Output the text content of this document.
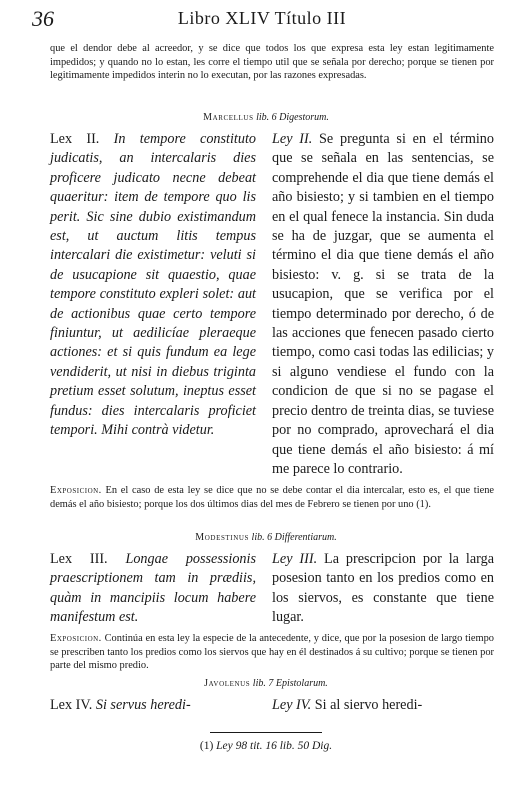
36	Libro XLIV Título III
que el dendor debe al acreedor, y se dice que todos los que expresa esta ley estan legitimamente impedidos; y quando no lo estan, les corre el tiempo util que se señala por derecho; porque se tienen por legitimamente impedidos interin no lo executan, por las razones expresadas.
Marcellus lib. 6 Digestorum.
Lex II. In tempore constituto judicatis, an intercalaris dies proficere judicato necne debeat quaeritur: item de tempore quo lis perit. Sic sine dubio existimandum est, ut auctum litis tempus intercalari die existimetur: veluti si de usucapione sit quaestio, quae tempore constituto expleri solet: aut de actionibus quae certo tempore finiuntur, ut aedilicíae pleraeque actiones: et si quis fundum ea lege vendiderit, ut nisi in diebus triginta pretium esset solutum, ineptus esset fundus: dies intercalaris proficiet tempori. Mihi contrà videtur.
Ley II. Se pregunta si en el término que se señala en las sentencias, se comprehende el dia que tiene demás el año bisiesto; y si tambien en el tiempo en el qual fenece la instancia. Sin duda se ha de juzgar, que se aumenta el término el dia que tiene demás el año bisiesto: v. g. si se trata de la usucapion, que se verifica por el tiempo determinado por derecho, ó de las acciones que fenecen pasado cierto tiempo, como casi todas las edilicias; y si alguno vendiese el fundo con la condicion de que si no se pagase el precio dentro de treinta dias, se tuviese por no comprado, aprovechará el dia que tiene demás el año bisiesto: á mí me parece lo contrario.
Exposicion. En el caso de esta ley se dice que no se debe contar el dia intercalar, esto es, el que tiene demás el año bisiesto; porque los dos últimos dias del mes de Febrero se tienen por uno (1).
Modestinus lib. 6 Differentiarum.
Lex III. Longae possessionis praescriptionem tam in prædiis, quàm in mancipiis locum habere manifestum est.
Ley III. La prescripcion por la larga posesion tanto en los predios como en los siervos, es constante que tiene lugar.
Exposicion. Continúa en esta ley la especie de la antecedente, y dice, que por la posesion de largo tiempo se prescriben tanto los predios como los siervos que hay en él destinados á su cultivo; porque se tienen por parte del mismo predio.
Javolenus lib. 7 Epistolarum.
Lex IV. Si servus heredi-	Ley IV. Si al siervo heredi-
(1) Ley 98 tit. 16 lib. 50 Dig.
